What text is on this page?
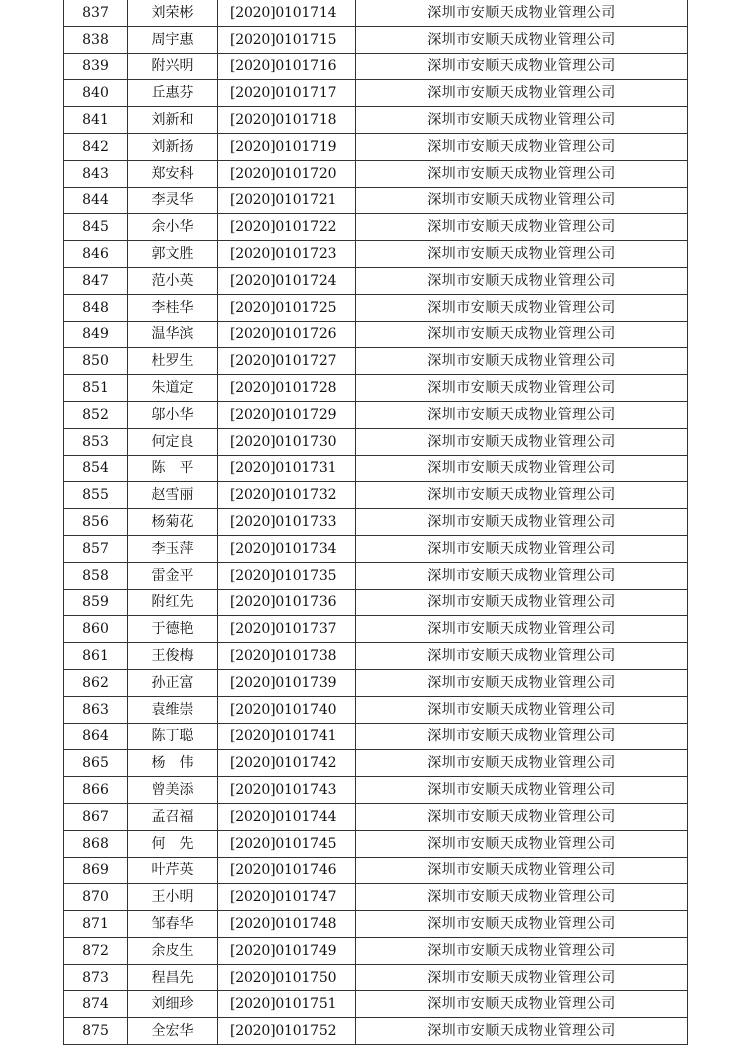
837	刘荣彬	[2020]0101714	深圳市安顺天成物业管理公司
838	周宇惠	[2020]0101715	深圳市安顺天成物业管理公司
839	附兴明	[2020]0101716	深圳市安顺天成物业管理公司
840	丘惠芬	[2020]0101717	深圳市安顺天成物业管理公司
841	刘新和	[2020]0101718	深圳市安顺天成物业管理公司
842	刘新扬	[2020]0101719	深圳市安顺天成物业管理公司
843	郑安科	[2020]0101720	深圳市安顺天成物业管理公司
844	李灵华	[2020]0101721	深圳市安顺天成物业管理公司
845	余小华	[2020]0101722	深圳市安顺天成物业管理公司
846	郭文胜	[2020]0101723	深圳市安顺天成物业管理公司
847	范小英	[2020]0101724	深圳市安顺天成物业管理公司
848	李桂华	[2020]0101725	深圳市安顺天成物业管理公司
849	温华滨	[2020]0101726	深圳市安顺天成物业管理公司
850	杜罗生	[2020]0101727	深圳市安顺天成物业管理公司
851	朱道定	[2020]0101728	深圳市安顺天成物业管理公司
852	邬小华	[2020]0101729	深圳市安顺天成物业管理公司
853	何定良	[2020]0101730	深圳市安顺天成物业管理公司
854	陈　平	[2020]0101731	深圳市安顺天成物业管理公司
855	赵雪丽	[2020]0101732	深圳市安顺天成物业管理公司
856	杨菊花	[2020]0101733	深圳市安顺天成物业管理公司
857	李玉萍	[2020]0101734	深圳市安顺天成物业管理公司
858	雷金平	[2020]0101735	深圳市安顺天成物业管理公司
859	附红先	[2020]0101736	深圳市安顺天成物业管理公司
860	于德艳	[2020]0101737	深圳市安顺天成物业管理公司
861	王俊梅	[2020]0101738	深圳市安顺天成物业管理公司
862	孙正富	[2020]0101739	深圳市安顺天成物业管理公司
863	袁维崇	[2020]0101740	深圳市安顺天成物业管理公司
864	陈丁聪	[2020]0101741	深圳市安顺天成物业管理公司
865	杨　伟	[2020]0101742	深圳市安顺天成物业管理公司
866	曾美添	[2020]0101743	深圳市安顺天成物业管理公司
867	孟召福	[2020]0101744	深圳市安顺天成物业管理公司
868	何　先	[2020]0101745	深圳市安顺天成物业管理公司
869	叶芹英	[2020]0101746	深圳市安顺天成物业管理公司
870	王小明	[2020]0101747	深圳市安顺天成物业管理公司
871	邹春华	[2020]0101748	深圳市安顺天成物业管理公司
872	余皮生	[2020]0101749	深圳市安顺天成物业管理公司
873	程昌先	[2020]0101750	深圳市安顺天成物业管理公司
874	刘细珍	[2020]0101751	深圳市安顺天成物业管理公司
875	全宏华	[2020]0101752	深圳市安顺天成物业管理公司
